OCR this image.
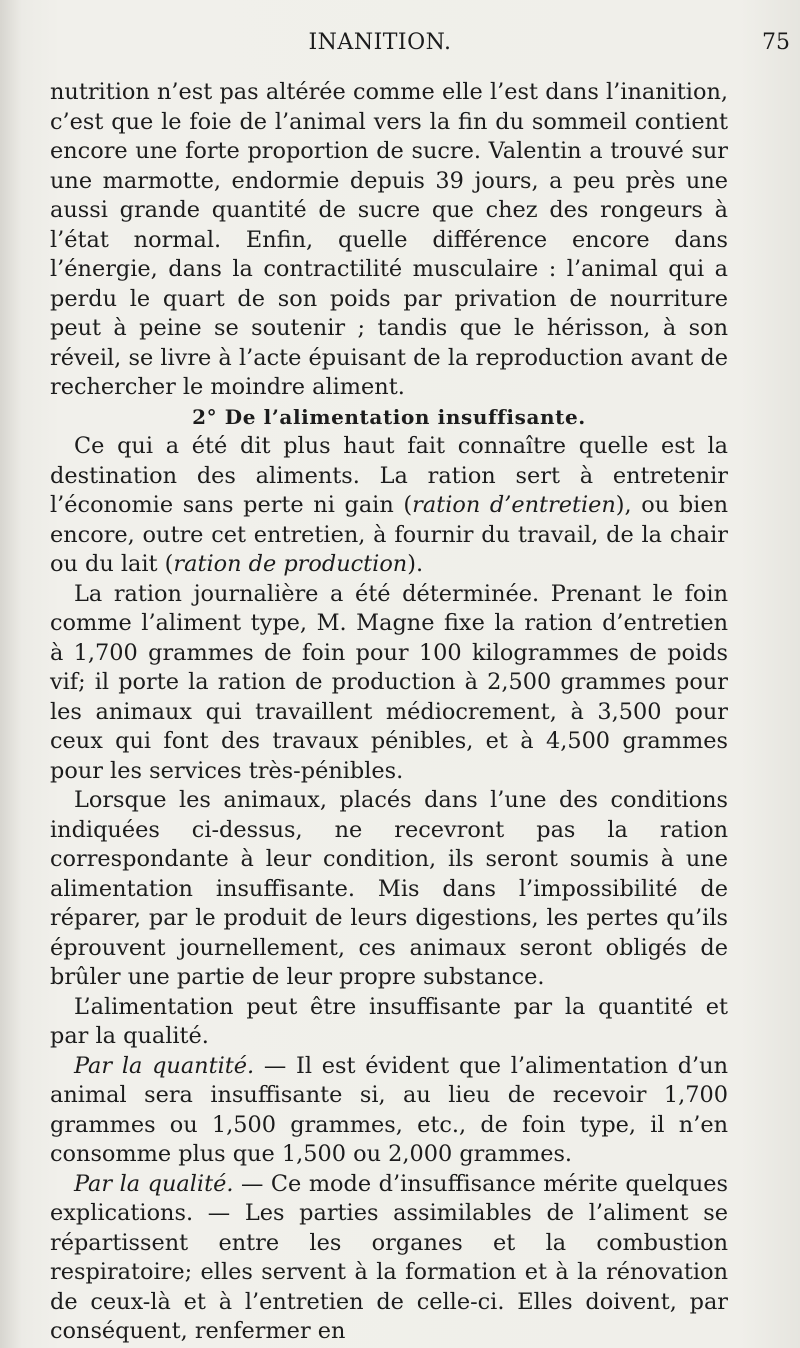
INANITION.	75

nutrition n’est pas altérée comme elle l’est dans l’inanition, c’est que le foie de l’animal vers la fin du sommeil contient encore une forte proportion de sucre. Valentin a trouvé sur une marmotte, endormie depuis 39 jours, a peu près une aussi grande quantité de sucre que chez des rongeurs à l’état normal. Enfin, quelle différence encore dans l’énergie, dans la contractilité musculaire : l’animal qui a perdu le quart de son poids par privation de nourriture peut à peine se soutenir ; tandis que le hérisson, à son réveil, se livre à l’acte épuisant de la reproduction avant de rechercher le moindre aliment.

2° De l’alimentation insuffisante.

Ce qui a été dit plus haut fait connaître quelle est la destination des aliments. La ration sert à entretenir l’économie sans perte ni gain (ration d’entretien), ou bien encore, outre cet entretien, à fournir du travail, de la chair ou du lait (ration de production).

La ration journalière a été déterminée. Prenant le foin comme l’aliment type, M. Magne fixe la ration d’entretien à 1,700 grammes de foin pour 100 kilogrammes de poids vif; il porte la ration de production à 2,500 grammes pour les animaux qui travaillent médiocrement, à 3,500 pour ceux qui font des travaux pénibles, et à 4,500 grammes pour les services très-pénibles.

Lorsque les animaux, placés dans l’une des conditions indiquées ci-dessus, ne recevront pas la ration correspondante à leur condition, ils seront soumis à une alimentation insuffisante. Mis dans l’impossibilité de réparer, par le produit de leurs digestions, les pertes qu’ils éprouvent journellement, ces animaux seront obligés de brûler une partie de leur propre substance.

L’alimentation peut être insuffisante par la quantité et par la qualité.

Par la quantité. — Il est évident que l’alimentation d’un animal sera insuffisante si, au lieu de recevoir 1,700 grammes ou 1,500 grammes, etc., de foin type, il n’en consomme plus que 1,500 ou 2,000 grammes.

Par la qualité. — Ce mode d’insuffisance mérite quelques explications. — Les parties assimilables de l’aliment se répartissent entre les organes et la combustion respiratoire; elles servent à la formation et à la rénovation de ceux-là et à l’entretien de celle-ci. Elles doivent, par conséquent, renfermer en
